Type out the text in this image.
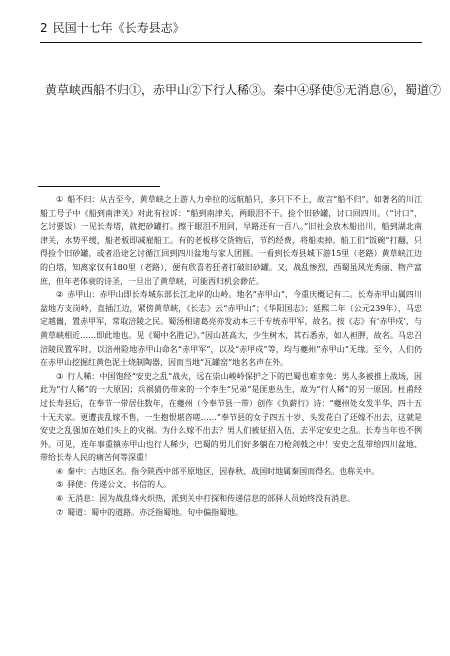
2 民国十七年《长寿县志》
黄草峡西船不归①，赤甲山②下行人稀③。秦中④驿使⑤无消息⑥，蜀道⑦

① 船不归：从古至今，黄草峡之上游人力牵拉的远航船只，多只下不上，故言“船不归”。如著名的川江船工号子中《船到南津关》对此有拉诉：“船到南津关，两眼泪不干。捡个旧砂罐，讨口回四川。（“讨口”，乞讨要饭）一见长寿塔，就把砂罐打。擦干眼泪不用同，早路还有一百八。”旧社会放木船出川，船到湖北南津关，水势平缓，船老板即减雇船工。有的老板移交货物后，节约经费，将船卖掉。船工们“饭碗”打翻，只得捡个旧砂罐，或者沿途乞讨循江回到四川盆地与家人团圆。一看到长寿县城下游15里（老路）黄草峡江边的白塔，知离家仅有180里（老路），便有欣喜若狂者打破旧砂罐。又，战乱惨烈，西蜀虽风光秀丽、物产富庶，但年老体衰的诗圣，一旦出了黄草峡，可能西归机会渺茫。

② 赤甲山：赤甲山即长寿城东部长江北岸的山岭。地名“赤甲山”，今重庆概记有二。长寿赤甲山属四川盆地方支岗岭，直插江边，紧傍黄草峡，《长志》云“赤甲山”；《华阳国志》；延熙二年（公元239年），马忠定越巂，置赤甲军，常取涪陵之民。蜀汤相诸葛亮亦发动本三千专统赤甲军，故名。按《志》有‘赤甲戍’，与黄草峡相近……即此地也。见《蜀中名胜记》。”因山甚高大，少生树木，其石悉赤，如人袒胛，故名。马忠召涪陵民置军时，以涪州险地赤甲山命名“赤甲军”，以及“赤甲戍”等，均与夔州“赤甲山”无缘。至今，人们仍在赤甲山挖掘红黄色泥土烧制陶器，因而当地“瓦罐窑”地名名声在外。

③ 行人稀：中国饱经“安史之乱”战火，远在崇山峻岭保护之下的巴蜀也难幸免：男人多被推上战场，因此为“行人稀”的一大原因；兵祸猜仍带来的一个李生“兄弟”是匪患丛生，故为“行人稀”的另一原因。杜甫经过长寿县后，在奉节一带居住数年，在夔州（今奉节县一带）创作《负薪行》诗：“夔州处女发半华，四十五十无夫家。更遭丧乱嫁不售，一生抱恨堪咨嗟……”奉节县的女子四五十岁、头发花白了还嫁不出去，这就是安史之乱强加在她们头上的灾祸。为什么嫁不出去？男人们被征招入伍，去平定安史之乱。长寿当年也不例外。可见，连年事重镇赤甲山也行人稀少，巴蜀的男儿们好多躺在刀枪剑戟之中！安史之乱带给四川盆地、带给长寿人民的痛苦何等深重！

④ 秦中：古地区名。指今陕西中部平原地区，因春秋、战国时地属秦国而得名。也称关中。

⑤ 驿使：传递公文、书信的人。

⑥ 无消息：因为战乱烽火炽热，派到关中打探和传递信息的部驿人员始终没有消息。

⑦ 蜀道：蜀中的道路。亦泛指蜀地。句中偏指蜀地。
